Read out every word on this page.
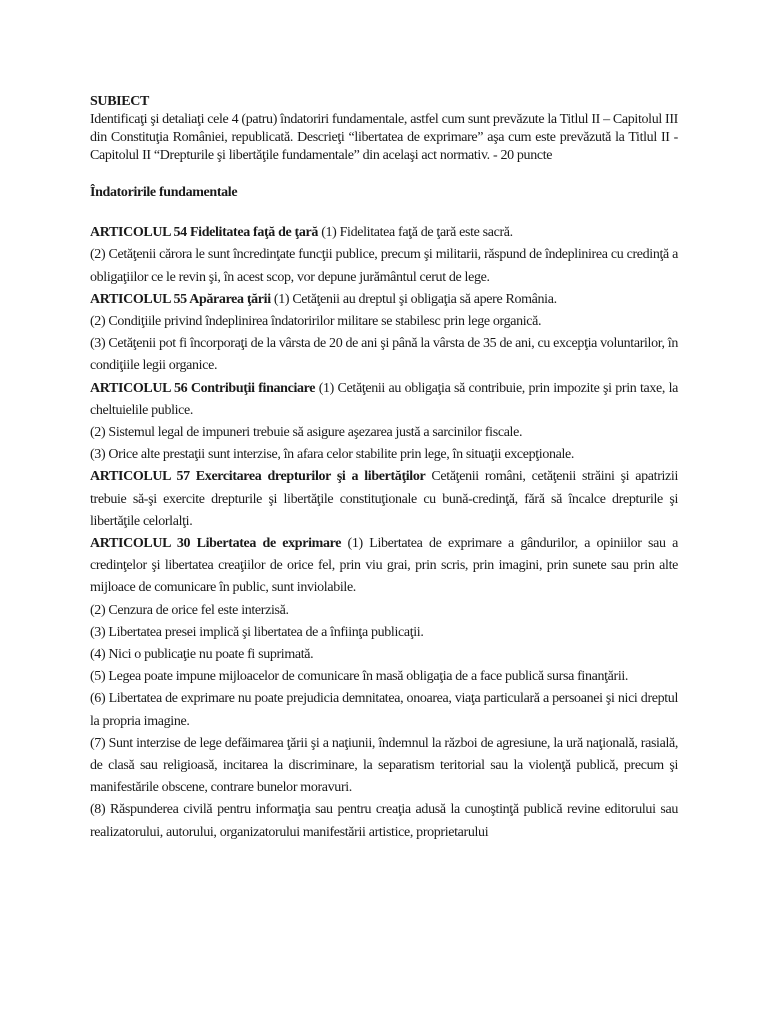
SUBIECT
Identificaţi şi detaliaţi cele 4 (patru) îndatoriri fundamentale, astfel cum sunt prevăzute la Titlul II – Capitolul III din Constituţia României, republicată. Descrieţi “libertatea de exprimare” aşa cum este prevăzută la Titlul II - Capitolul II “Drepturile şi libertăţile fundamentale” din acelaşi act normativ. - 20 puncte
Îndatoririle fundamentale

ARTICOLUL 54 Fidelitatea faţă de ţară (1) Fidelitatea faţă de ţară este sacră.

(2) Cetăţenii cărora le sunt încredinţate funcţii publice, precum şi militarii, răspund de îndeplinirea cu credinţă a obligaţiilor ce le revin şi, în acest scop, vor depune jurământul cerut de lege.

ARTICOLUL 55 Apărarea ţării (1) Cetăţenii au dreptul şi obligaţia să apere România.

(2) Condiţiile privind îndeplinirea îndatoririlor militare se stabilesc prin lege organică.

(3) Cetăţenii pot fi încorporaţi de la vârsta de 20 de ani şi până la vârsta de 35 de ani, cu excepţia voluntarilor, în condiţiile legii organice.

ARTICOLUL 56 Contribuţii financiare (1) Cetăţenii au obligaţia să contribuie, prin impozite şi prin taxe, la cheltuielile publice.

(2) Sistemul legal de impuneri trebuie să asigure aşezarea justă a sarcinilor fiscale.

(3) Orice alte prestaţii sunt interzise, în afara celor stabilite prin lege, în situaţii excepţionale.

ARTICOLUL 57 Exercitarea drepturilor şi a libertăţilor Cetăţenii români, cetăţenii străini şi apatrizii trebuie să-şi exercite drepturile şi libertăţile constituţionale cu bună-credinţă, fără să încalce drepturile şi libertăţile celorlalţi.

ARTICOLUL 30 Libertatea de exprimare (1) Libertatea de exprimare a gândurilor, a opiniilor sau a credinţelor şi libertatea creaţiilor de orice fel, prin viu grai, prin scris, prin imagini, prin sunete sau prin alte mijloace de comunicare în public, sunt inviolabile.

(2) Cenzura de orice fel este interzisă.

(3) Libertatea presei implică şi libertatea de a înfiinţa publicaţii.

(4) Nici o publicaţie nu poate fi suprimată.

(5) Legea poate impune mijloacelor de comunicare în masă obligaţia de a face publică sursa finanţării.

(6) Libertatea de exprimare nu poate prejudicia demnitatea, onoarea, viaţa particulară a persoanei şi nici dreptul la propria imagine.

(7) Sunt interzise de lege defăimarea ţării şi a naţiunii, îndemnul la război de agresiune, la ură naţională, rasială, de clasă sau religioasă, incitarea la discriminare, la separatism teritorial sau la violenţă publică, precum şi manifestările obscene, contrare bunelor moravuri.

(8) Răspunderea civilă pentru informaţia sau pentru creaţia adusă la cunoştinţă publică revine editorului sau realizatorului, autorului, organizatorului manifestării artistice, proprietarului
